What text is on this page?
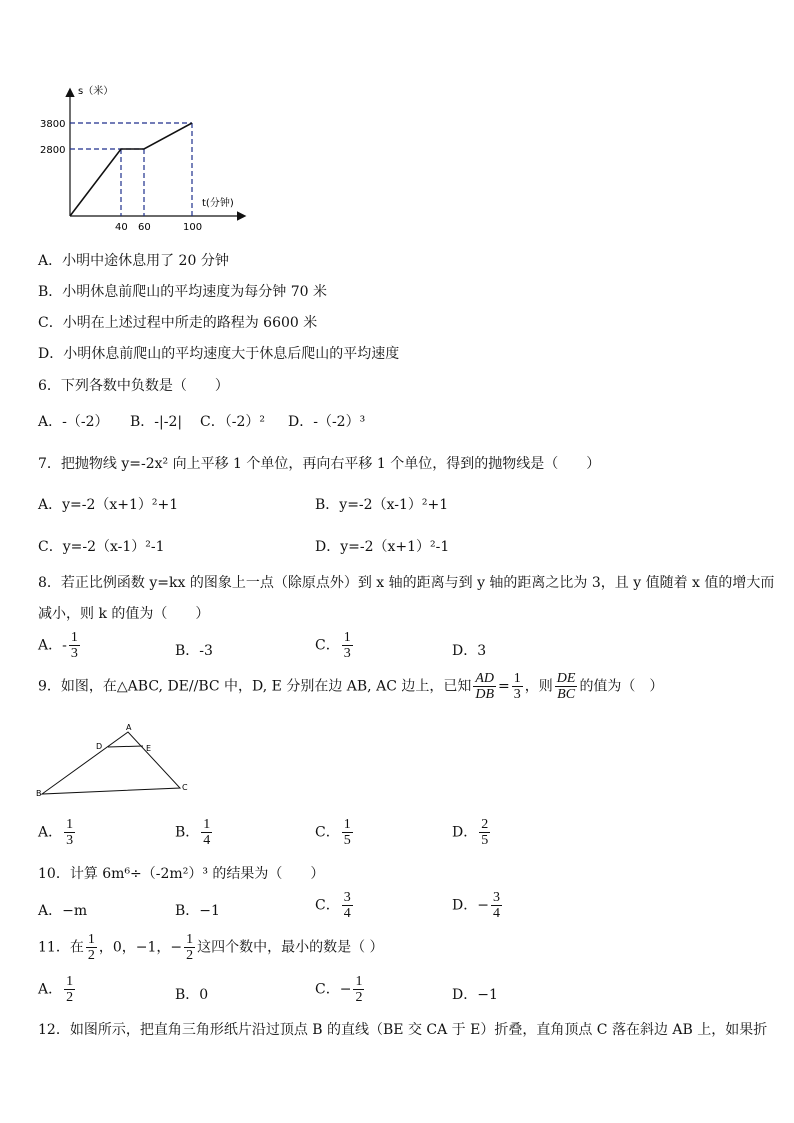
s（米）
t(分钟)
3800
2800
40 60	100
A．小明中途休息用了 20 分钟
B．小明休息前爬山的平均速度为每分钟 70 米
C．小明在上述过程中所走的路程为 6600 米
D．小明休息前爬山的平均速度大于休息后爬山的平均速度
6．下列各数中负数是（　　）
A．-（-2） B．-|-2| C．（-2）² D．-（-2）³
7．把抛物线 y=-2x² 向上平移 1 个单位，再向右平移 1 个单位，得到的抛物线是（　　）
A．y=-2（x+1）²+1	B．y=-2（x-1）²+1
C．y=-2（x-1）²-1	D．y=-2（x+1）²-1
8．若正比例函数 y=kx 的图象上一点（除原点外）到 x 轴的距离与到 y 轴的距离之比为 3，且 y 值随着 x 值的增大而
减小，则 k 的值为（　　）
A．- $\frac{1}{3}$	B．-3	C． $\frac{1}{3}$	D．3
9．如图，在△ABC, DE//BC 中，D, E 分别在边 AB, AC 边上，已知 $\frac{AD}{DB} = \frac{1}{3}$ ，则 $\frac{DE}{BC}$ 的值为（　）
A
D	E
B
C
A． $\frac{1}{3}$	B． $\frac{1}{4}$	C． $\frac{1}{5}$	D． $\frac{2}{5}$
10．计算 6m⁶÷（-2m²）³ 的结果为（　　）
A．−m	B．−1	C． $\frac{3}{4}$	D．− $\frac{3}{4}$
11．在 $\frac{1}{2}$ ，0，−1，− $\frac{1}{2}$ 这四个数中，最小的数是（ ）
A． $\frac{1}{2}$	B．0	C．− $\frac{1}{2}$	D．−1
12．如图所示，把直角三角形纸片沿过顶点 B 的直线（BE 交 CA 于 E）折叠，直角顶点 C 落在斜边 AB 上，如果折
